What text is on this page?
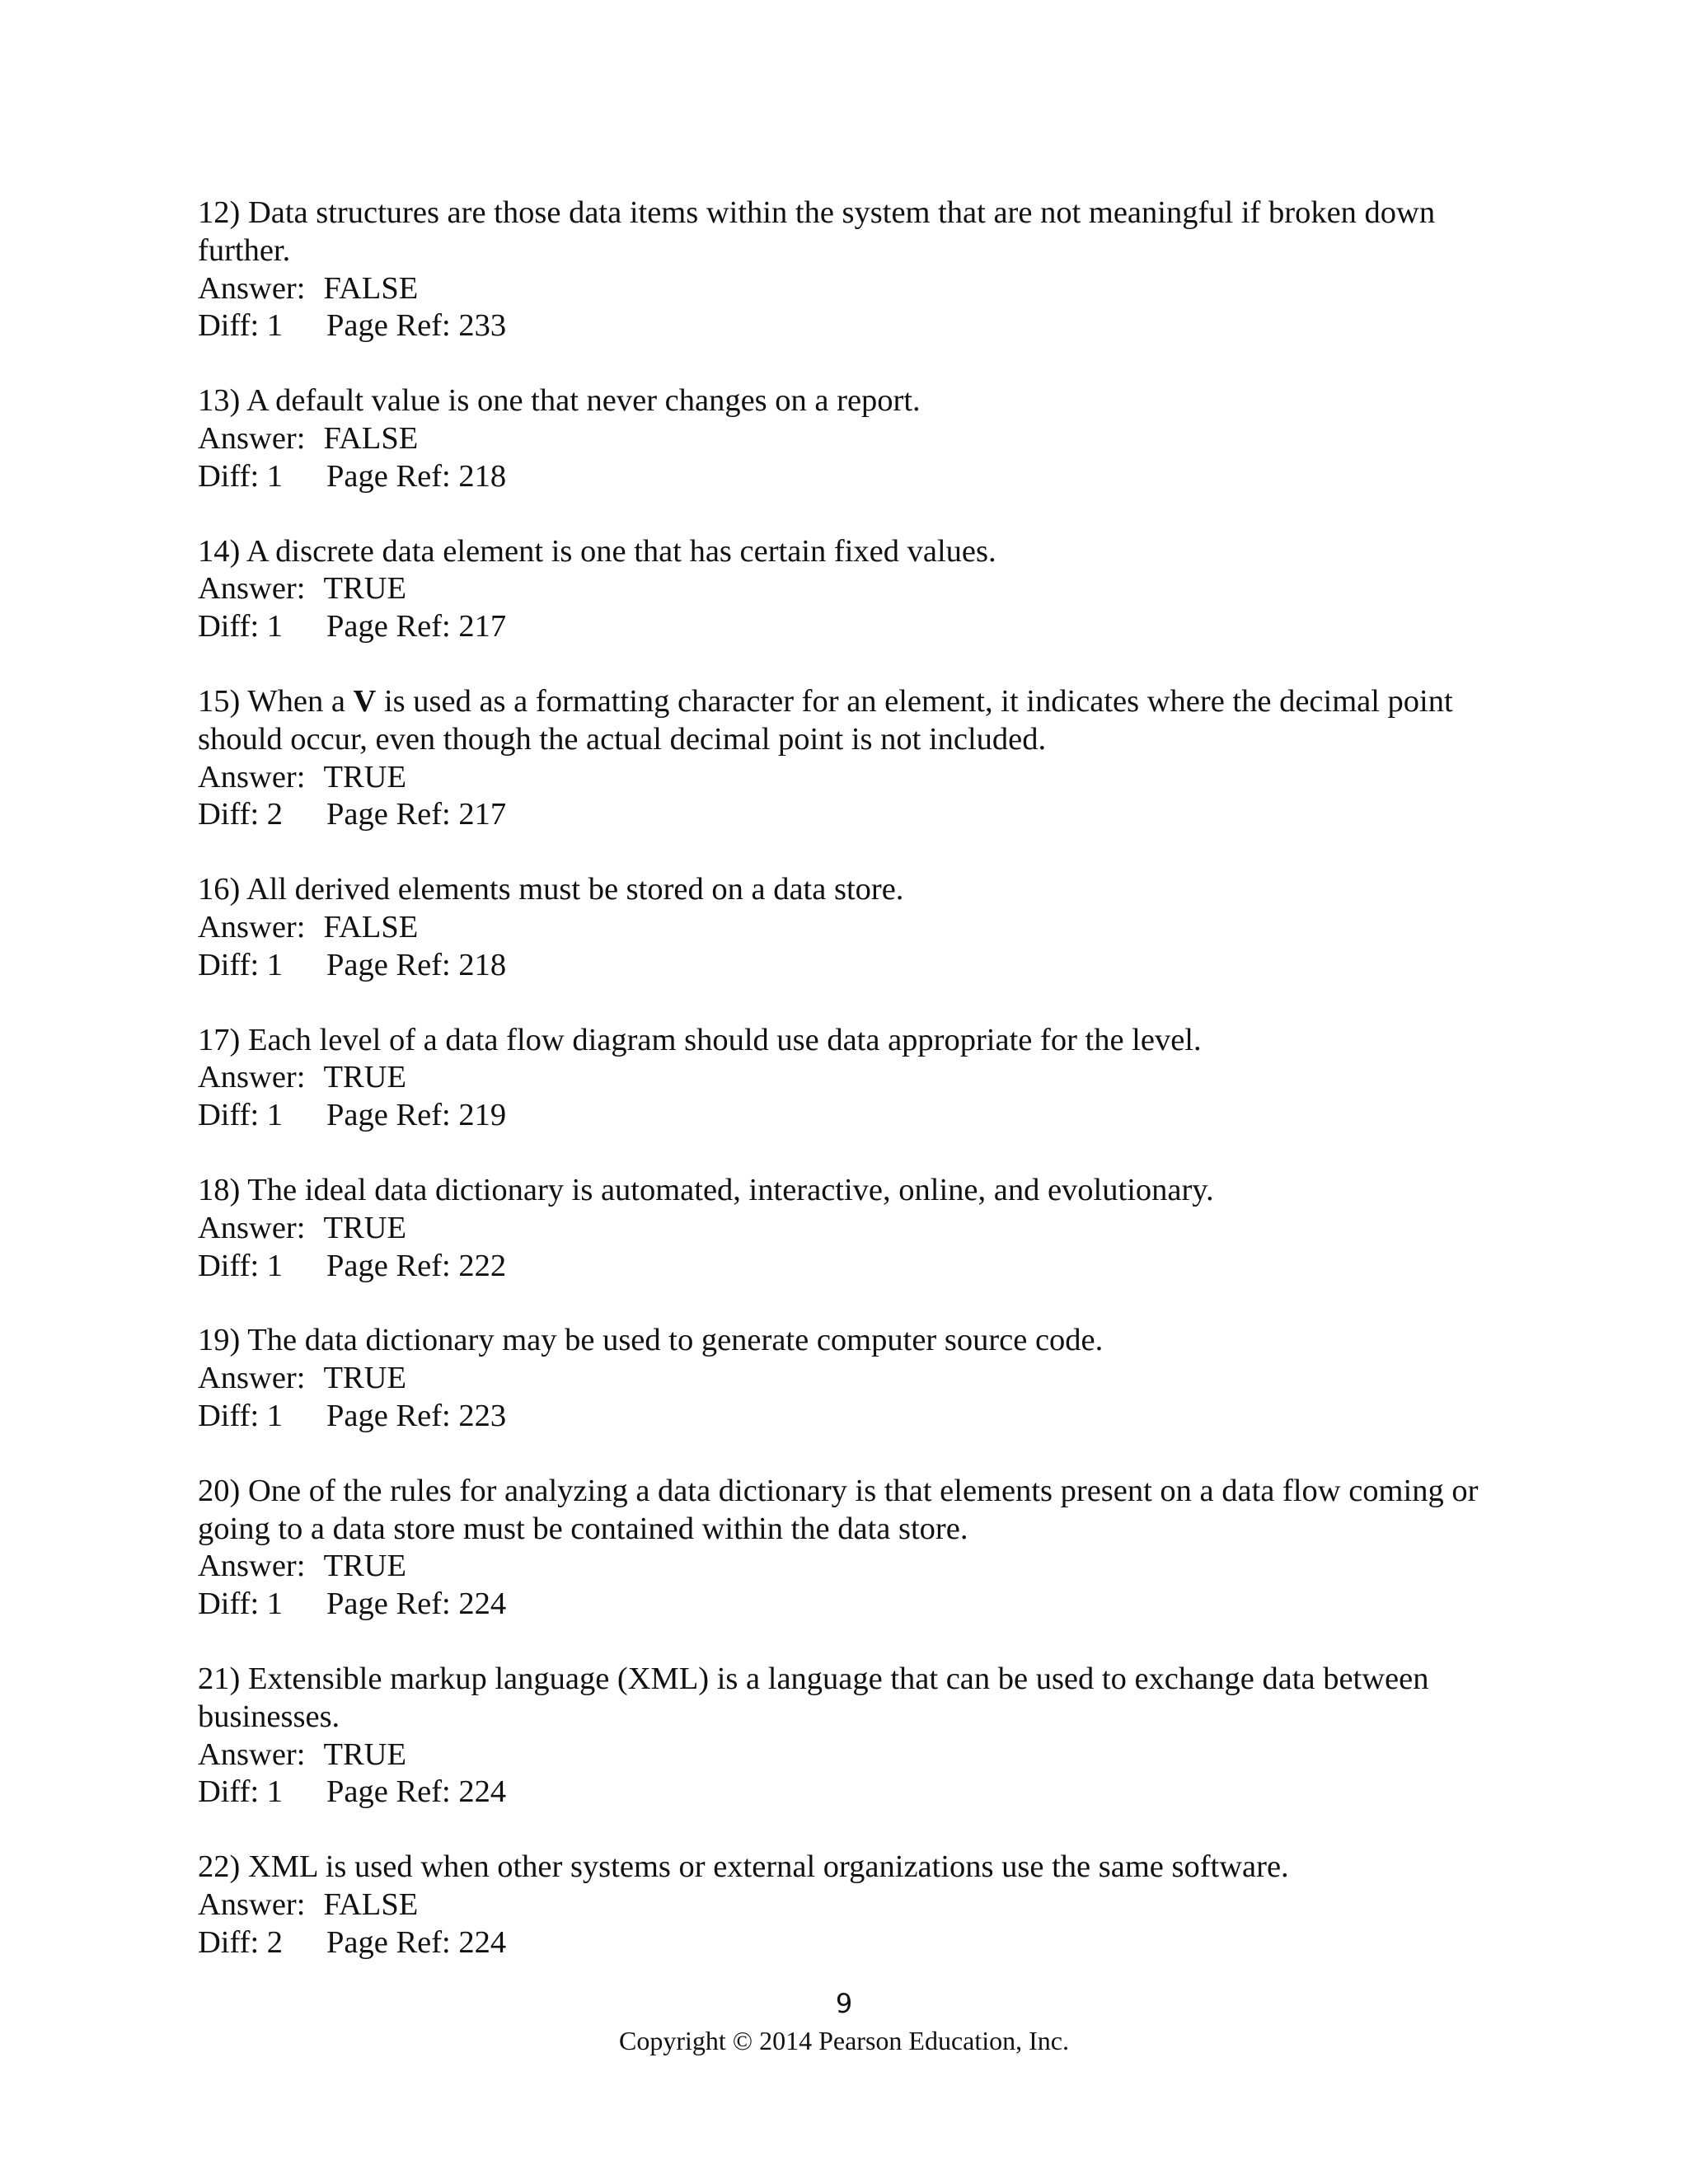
12) Data structures are those data items within the system that are not meaningful if broken down further.
Answer: FALSE
Diff: 1 Page Ref: 233
13) A default value is one that never changes on a report.
Answer: FALSE
Diff: 1 Page Ref: 218
14) A discrete data element is one that has certain fixed values.
Answer: TRUE
Diff: 1 Page Ref: 217
15) When a V is used as a formatting character for an element, it indicates where the decimal point should occur, even though the actual decimal point is not included.
Answer: TRUE
Diff: 2 Page Ref: 217
16) All derived elements must be stored on a data store.
Answer: FALSE
Diff: 1 Page Ref: 218
17) Each level of a data flow diagram should use data appropriate for the level.
Answer: TRUE
Diff: 1 Page Ref: 219
18) The ideal data dictionary is automated, interactive, online, and evolutionary.
Answer: TRUE
Diff: 1 Page Ref: 222
19) The data dictionary may be used to generate computer source code.
Answer: TRUE
Diff: 1 Page Ref: 223
20) One of the rules for analyzing a data dictionary is that elements present on a data flow coming or going to a data store must be contained within the data store.
Answer: TRUE
Diff: 1 Page Ref: 224
21) Extensible markup language (XML) is a language that can be used to exchange data between businesses.
Answer: TRUE
Diff: 1 Page Ref: 224
22) XML is used when other systems or external organizations use the same software.
Answer: FALSE
Diff: 2 Page Ref: 224
9
Copyright © 2014 Pearson Education, Inc.
